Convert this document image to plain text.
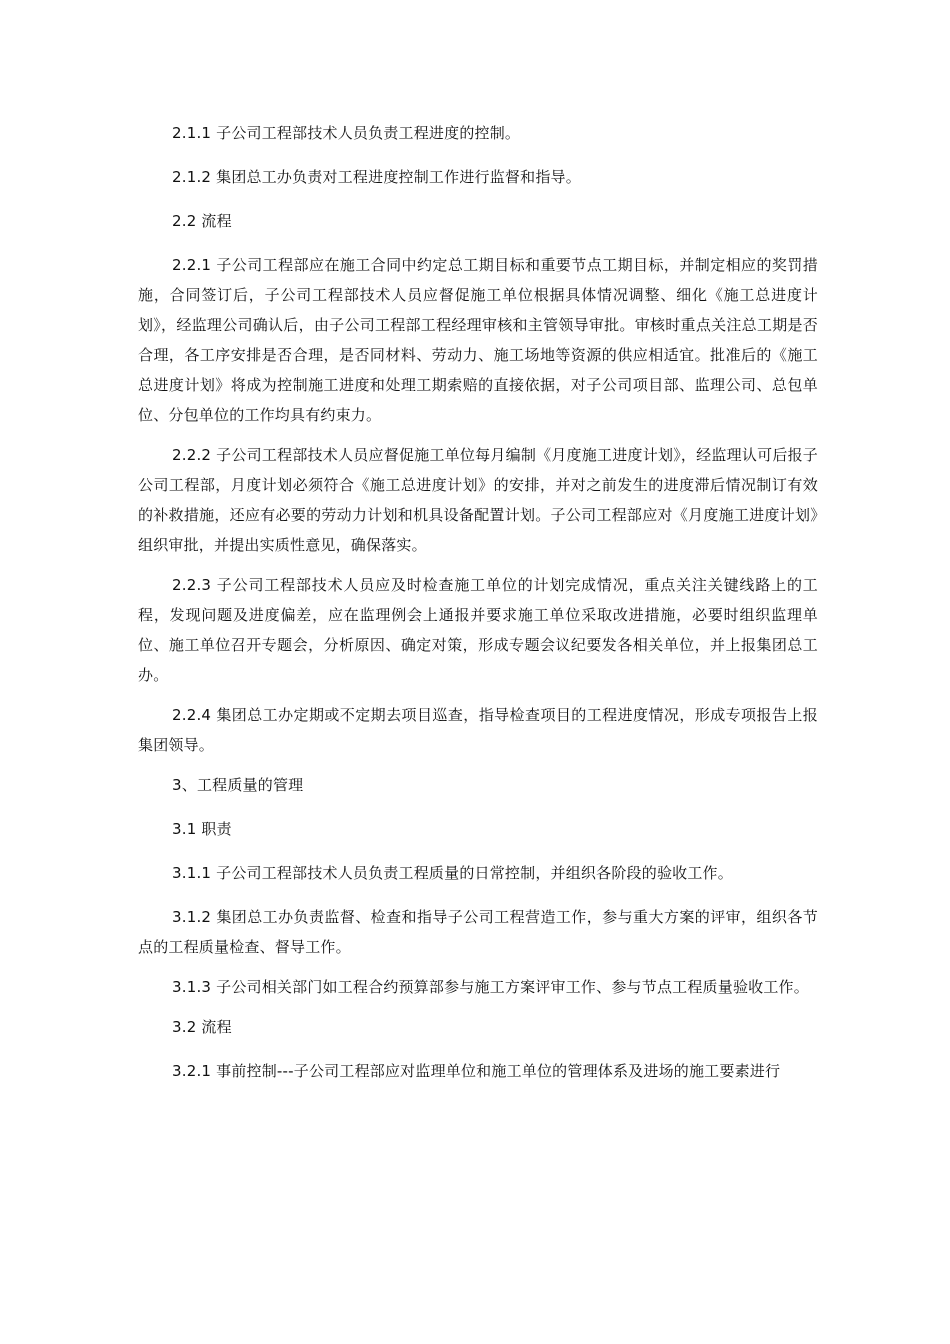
2.1.1 子公司工程部技术人员负责工程进度的控制。

2.1.2 集团总工办负责对工程进度控制工作进行监督和指导。

2.2 流程

2.2.1 子公司工程部应在施工合同中约定总工期目标和重要节点工期目标，并制定相应的奖罚措施，合同签订后，子公司工程部技术人员应督促施工单位根据具体情况调整、细化《施工总进度计划》，经监理公司确认后，由子公司工程部工程经理审核和主管领导审批。审核时重点关注总工期是否合理，各工序安排是否合理，是否同材料、劳动力、施工场地等资源的供应相适宜。批准后的《施工总进度计划》将成为控制施工进度和处理工期索赔的直接依据，对子公司项目部、监理公司、总包单位、分包单位的工作均具有约束力。

2.2.2 子公司工程部技术人员应督促施工单位每月编制《月度施工进度计划》，经监理认可后报子公司工程部，月度计划必须符合《施工总进度计划》的安排，并对之前发生的进度滞后情况制订有效的补救措施，还应有必要的劳动力计划和机具设备配置计划。子公司工程部应对《月度施工进度计划》组织审批，并提出实质性意见，确保落实。

2.2.3 子公司工程部技术人员应及时检查施工单位的计划完成情况，重点关注关键线路上的工程，发现问题及进度偏差，应在监理例会上通报并要求施工单位采取改进措施，必要时组织监理单位、施工单位召开专题会，分析原因、确定对策，形成专题会议纪要发各相关单位，并上报集团总工办。

2.2.4 集团总工办定期或不定期去项目巡查，指导检查项目的工程进度情况，形成专项报告上报集团领导。

3、工程质量的管理

3.1 职责

3.1.1 子公司工程部技术人员负责工程质量的日常控制，并组织各阶段的验收工作。

3.1.2 集团总工办负责监督、检查和指导子公司工程营造工作，参与重大方案的评审，组织各节点的工程质量检查、督导工作。

3.1.3 子公司相关部门如工程合约预算部参与施工方案评审工作、参与节点工程质量验收工作。

3.2 流程

3.2.1 事前控制---子公司工程部应对监理单位和施工单位的管理体系及进场的施工要素进行
